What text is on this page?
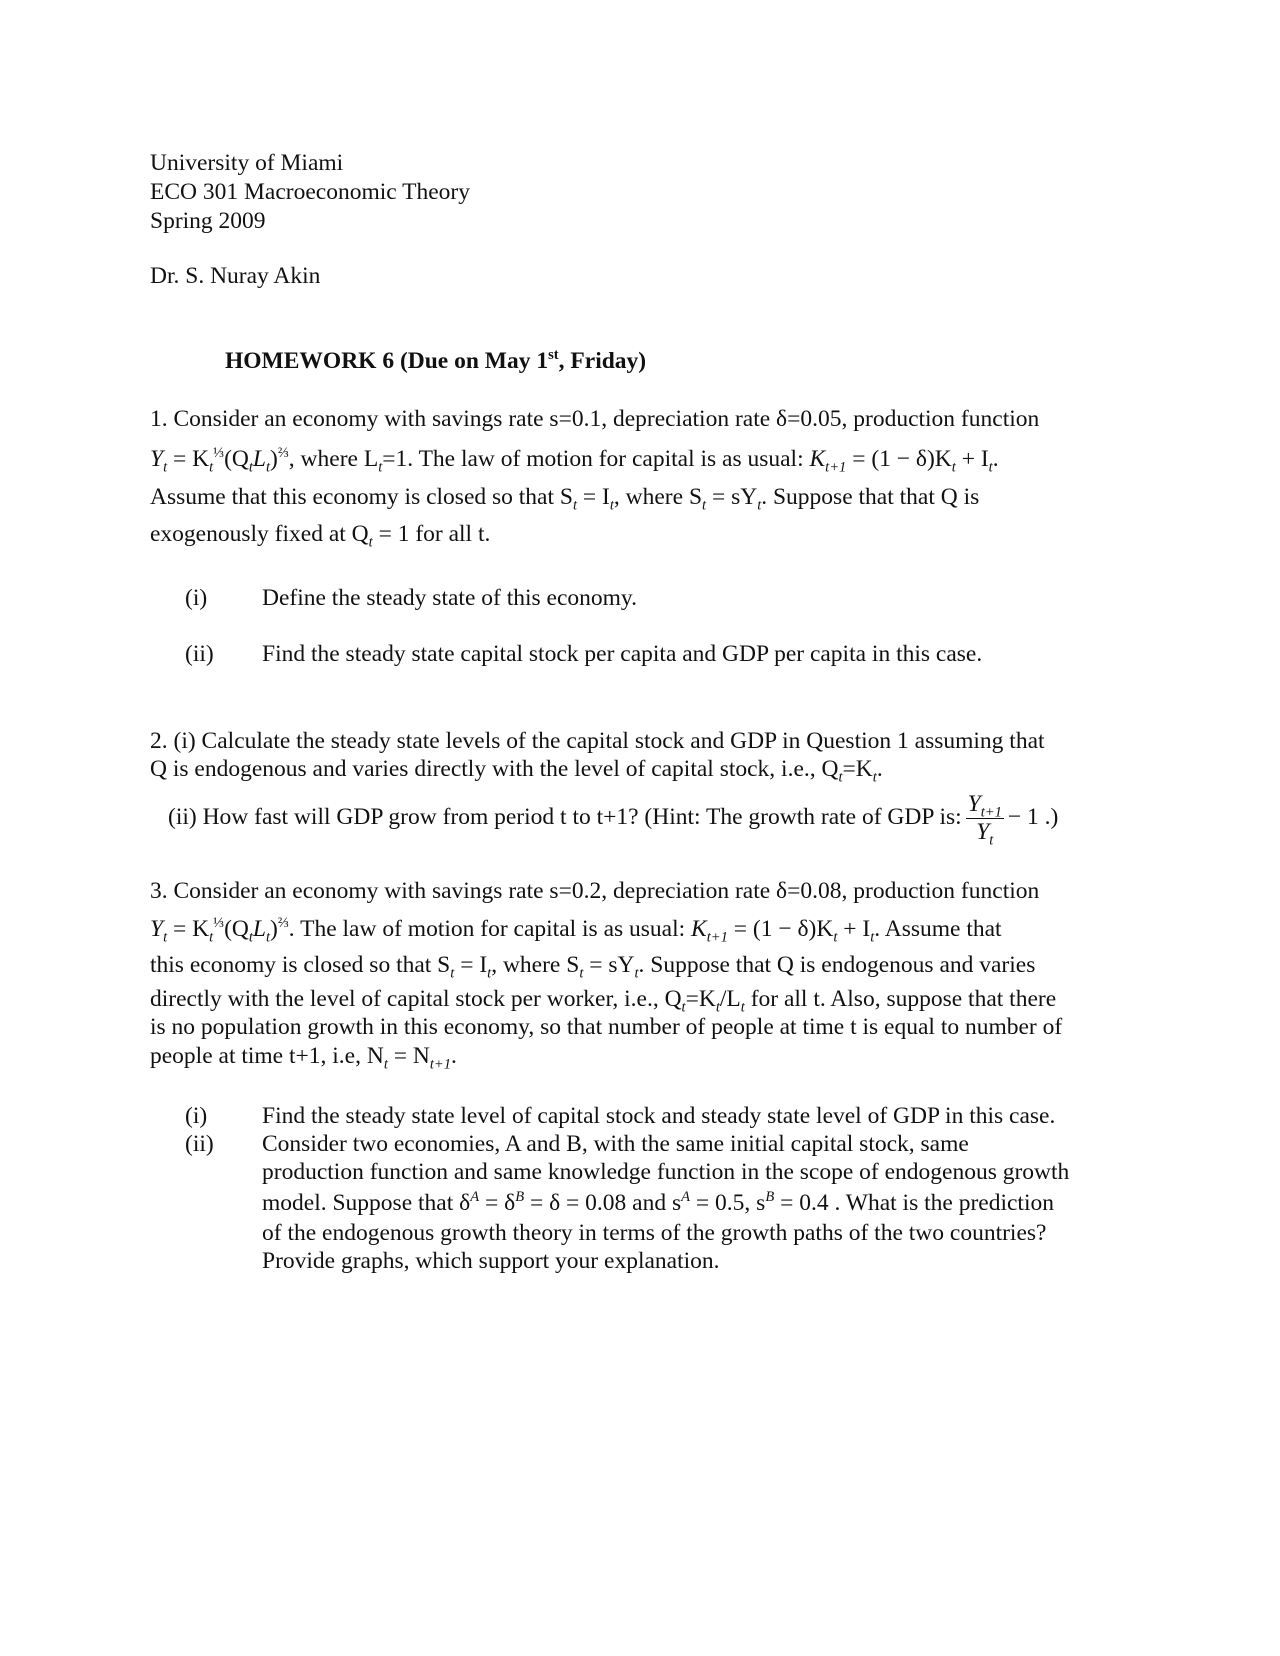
University of Miami
ECO 301 Macroeconomic Theory
Spring 2009
Dr. S. Nuray Akin
HOMEWORK 6 (Due on May 1st, Friday)
1. Consider an economy with savings rate s=0.1, depreciation rate δ=0.05, production function
$Y_t = K_t^{\frac{1}{3}}(Q_tL_t)^{\frac{2}{3}}$, where $L_t=1$. The law of motion for capital is as usual: $K_{t+1} = (1 - \delta)K_t + I_t$.
Assume that this economy is closed so that $S_t = I_t$, where $S_t = sY_t$. Suppose that that Q is
exogenously fixed at $Q_t = 1$ for all t.
(i) Define the steady state of this economy.
(ii) Find the steady state capital stock per capita and GDP per capita in this case.
2. (i) Calculate the steady state levels of the capital stock and GDP in Question 1 assuming that
Q is endogenous and varies directly with the level of capital stock, i.e., $Q_t=K_t$.
(ii) How fast will GDP grow from period t to t+1? (Hint: The growth rate of GDP is: $\frac{Y_{t+1}}{Y_t} - 1$ .)
3. Consider an economy with savings rate s=0.2, depreciation rate δ=0.08, production function
$Y_t = K_t^{\frac{1}{3}}(Q_tL_t)^{\frac{2}{3}}$. The law of motion for capital is as usual: $K_{t+1} = (1 - \delta)K_t + I_t$. Assume that
this economy is closed so that $S_t = I_t$, where $S_t = sY_t$. Suppose that Q is endogenous and varies
directly with the level of capital stock per worker, i.e., $Q_t=K_t/L_t$ for all t. Also, suppose that there
is no population growth in this economy, so that number of people at time t is equal to number of
people at time t+1, i.e, $N_t = N_{t+1}$.
(i) Find the steady state level of capital stock and steady state level of GDP in this case.
(ii) Consider two economies, A and B, with the same initial capital stock, same
production function and same knowledge function in the scope of endogenous growth
model. Suppose that $\delta^A = \delta^B = \delta = 0.08$ and $s^A = 0.5$, $s^B = 0.4$ . What is the prediction
of the endogenous growth theory in terms of the growth paths of the two countries?
Provide graphs, which support your explanation.
